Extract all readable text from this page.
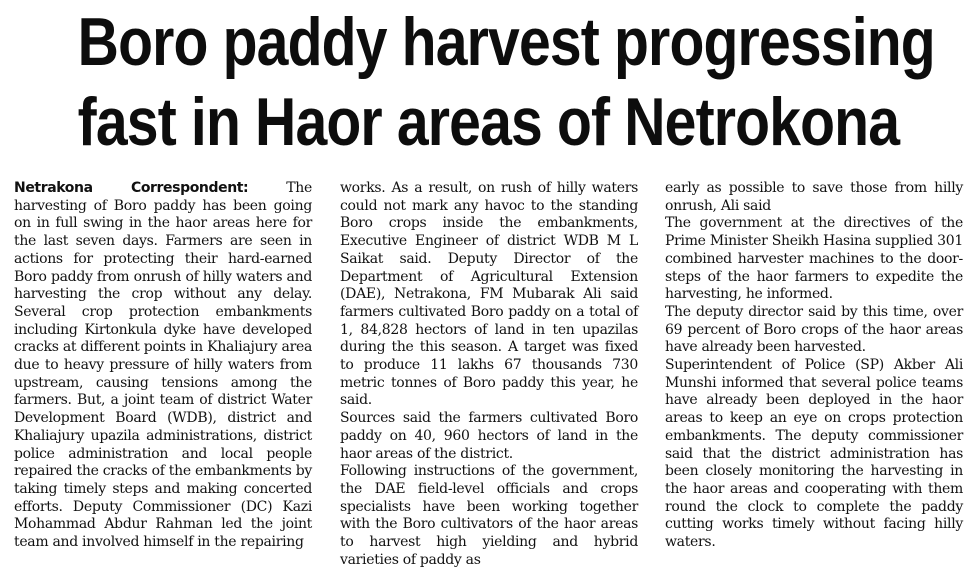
Boro paddy harvest progressing
fast in Haor areas of Netrokona

Netrakona Correspondent: The harvesting of Boro paddy has been going on in full swing in the haor areas here for the last seven days. Farmers are seen in actions for protecting their hard-earned Boro paddy from onrush of hilly waters and harvesting the crop without any delay. Several crop protection embankments including Kirtonkula dyke have developed cracks at different points in Khaliajury area due to heavy pressure of hilly waters from upstream, causing tensions among the farmers. But, a joint team of district Water Development Board (WDB), district and Khaliajury upazila administrations, district police administration and local people repaired the cracks of the embankments by taking timely steps and making concerted efforts. Deputy Commissioner (DC) Kazi Mohammad Abdur Rahman led the joint team and involved himself in the repairing

works. As a result, on rush of hilly waters could not mark any havoc to the standing Boro crops inside the embankments, Executive Engineer of district WDB M L Saikat said. Deputy Director of the Department of Agricultural Extension (DAE), Netrakona, FM Mubarak Ali said farmers cultivated Boro paddy on a total of 1, 84,828 hectors of land in ten upazilas during the this season. A target was fixed to produce 11 lakhs 67 thousands 730 metric tonnes of Boro paddy this year, he said.

Sources said the farmers cultivated Boro paddy on 40, 960 hectors of land in the haor areas of the district.

Following instructions of the government, the DAE field-level officials and crops specialists have been working together with the Boro cultivators of the haor areas to harvest high yielding and hybrid varieties of paddy as

early as possible to save those from hilly onrush, Ali said

The government at the directives of the Prime Minister Sheikh Hasina supplied 301 combined harvester machines to the door-steps of the haor farmers to expedite the harvesting, he informed.

The deputy director said by this time, over 69 percent of Boro crops of the haor areas have already been harvested.

Superintendent of Police (SP) Akber Ali Munshi informed that several police teams have already been deployed in the haor areas to keep an eye on crops protection embankments. The deputy commissioner said that the district administration has been closely monitoring the harvesting in the haor areas and cooperating with them round the clock to complete the paddy cutting works timely without facing hilly waters.
